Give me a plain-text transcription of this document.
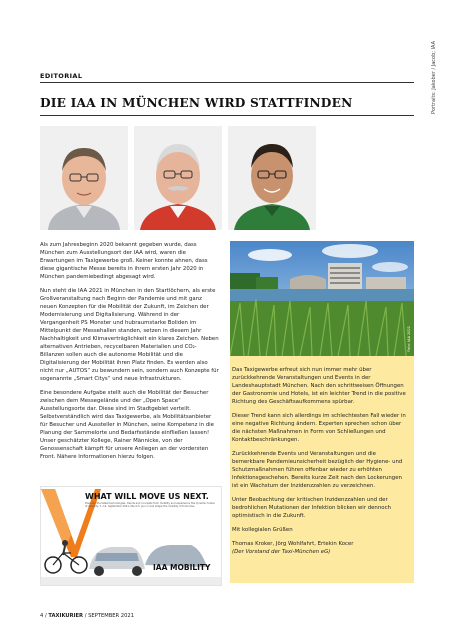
Portraits: Jakober / Jacob; IAA
EDITORIAL
DIE IAA IN MÜNCHEN WIRD STATTFINDEN

Als zum Jahresbeginn 2020 bekannt gegeben wurde, dass München zum Ausstellungsort der IAA wird, waren die Erwartungen im Taxigewerbe groß. Keiner konnte ahnen, dass diese gigantische Messe bereits in ihrem ersten Jahr 2020 in München pandemiebedingt abgesagt wird.

Nun steht die IAA 2021 in München in den Startlöchern, als erste Großveranstaltung nach Beginn der Pandemie und mit ganz neuen Konzepten für die Mobilität der Zukunft, im Zeichen der Modernisierung und Digitalisierung. Während in der Vergangenheit PS Monster und hubraumstarke Boliden im Mittelpunkt der Messehallen standen, setzen in diesem Jahr Nachhaltigkeit und Klimaverträglichkeit ein klares Zeichen. Neben alternativen Antrieben, recycelbaren Materialien und CO₂-Billanzen sollen auch die autonome Mobilität und die Digitalisierung der Mobilität ihren Platz finden. Es werden also nicht nur „AUTOS“ zu bewundern sein, sondern auch Konzepte für sogenannte „Smart Citys“ und neue Infrastrukturen.

Eine besondere Aufgabe stellt auch die Mobilität der Besucher zwischen dem Messegelände und der „Open Space“ Ausstellungsorte dar. Diese sind im Stadtgebiet verteilt. Selbstverständlich wird das Taxigewerbe, als Mobilitätsanbieter für Besucher und Aussteller in München, seine Kompetenz in die Planung der Sammelorte und Bedarfsstände einfließen lassen! Unser geschätzter Kollege, Rainer Männicke, von der Genossenschaft kämpft für unsere Anliegen an der vordersten Front. Nähere Informationen hierzu folgen.

Foto: IAA 2021

Das Taxigewerbe erfreut sich nun immer mehr über zurückkehrende Veranstaltungen und Events in der Landeshauptstadt München. Nach den schrittweisen Öffnungen der Gastronomie und Hotels, ist ein leichter Trend in die positive Richtung des Geschäftsaufkommens spürbar.

Dieser Trend kann sich allerdings im schlechtesten Fall wieder in eine negative Richtung ändern. Experten sprechen schon über die nächsten Maßnahmen in Form von Schließungen und Kontaktbeschränkungen.

Zurückkehrende Events und Veranstaltungen und die bemerkbare Pandemieunsicherheit bezüglich der Hygiene- und Schutzmaßnahmen führen offenbar wieder zu erhöhten Infektionsgeschehen. Bereits kurze Zeit nach den Lockerungen ist ein Wachstum der Inzidenzzahlen zu verzeichnen.

Unter Beobachtung der kritischen Inzidenzzahlen und der bedrohlichen Mutationen der Infektion blicken wir dennoch optimistisch in die Zukunft.

Mit kollegialen Grüßen

Thomas Kroker, Jörg Wohlfahrt, Ertekin Kocer

(Der Vorstand der Taxi-München eG)

WHAT WILL MOVE US NEXT.
Discover the latest technologies, trends and concepts from mobility and experience the dynamic future of mobility. 7.–12. September 2021, Munich. Join in and shape the mobility of tomorrow.
IAA MOBILITY
4 / TAXIKURIER / SEPTEMBER 2021
